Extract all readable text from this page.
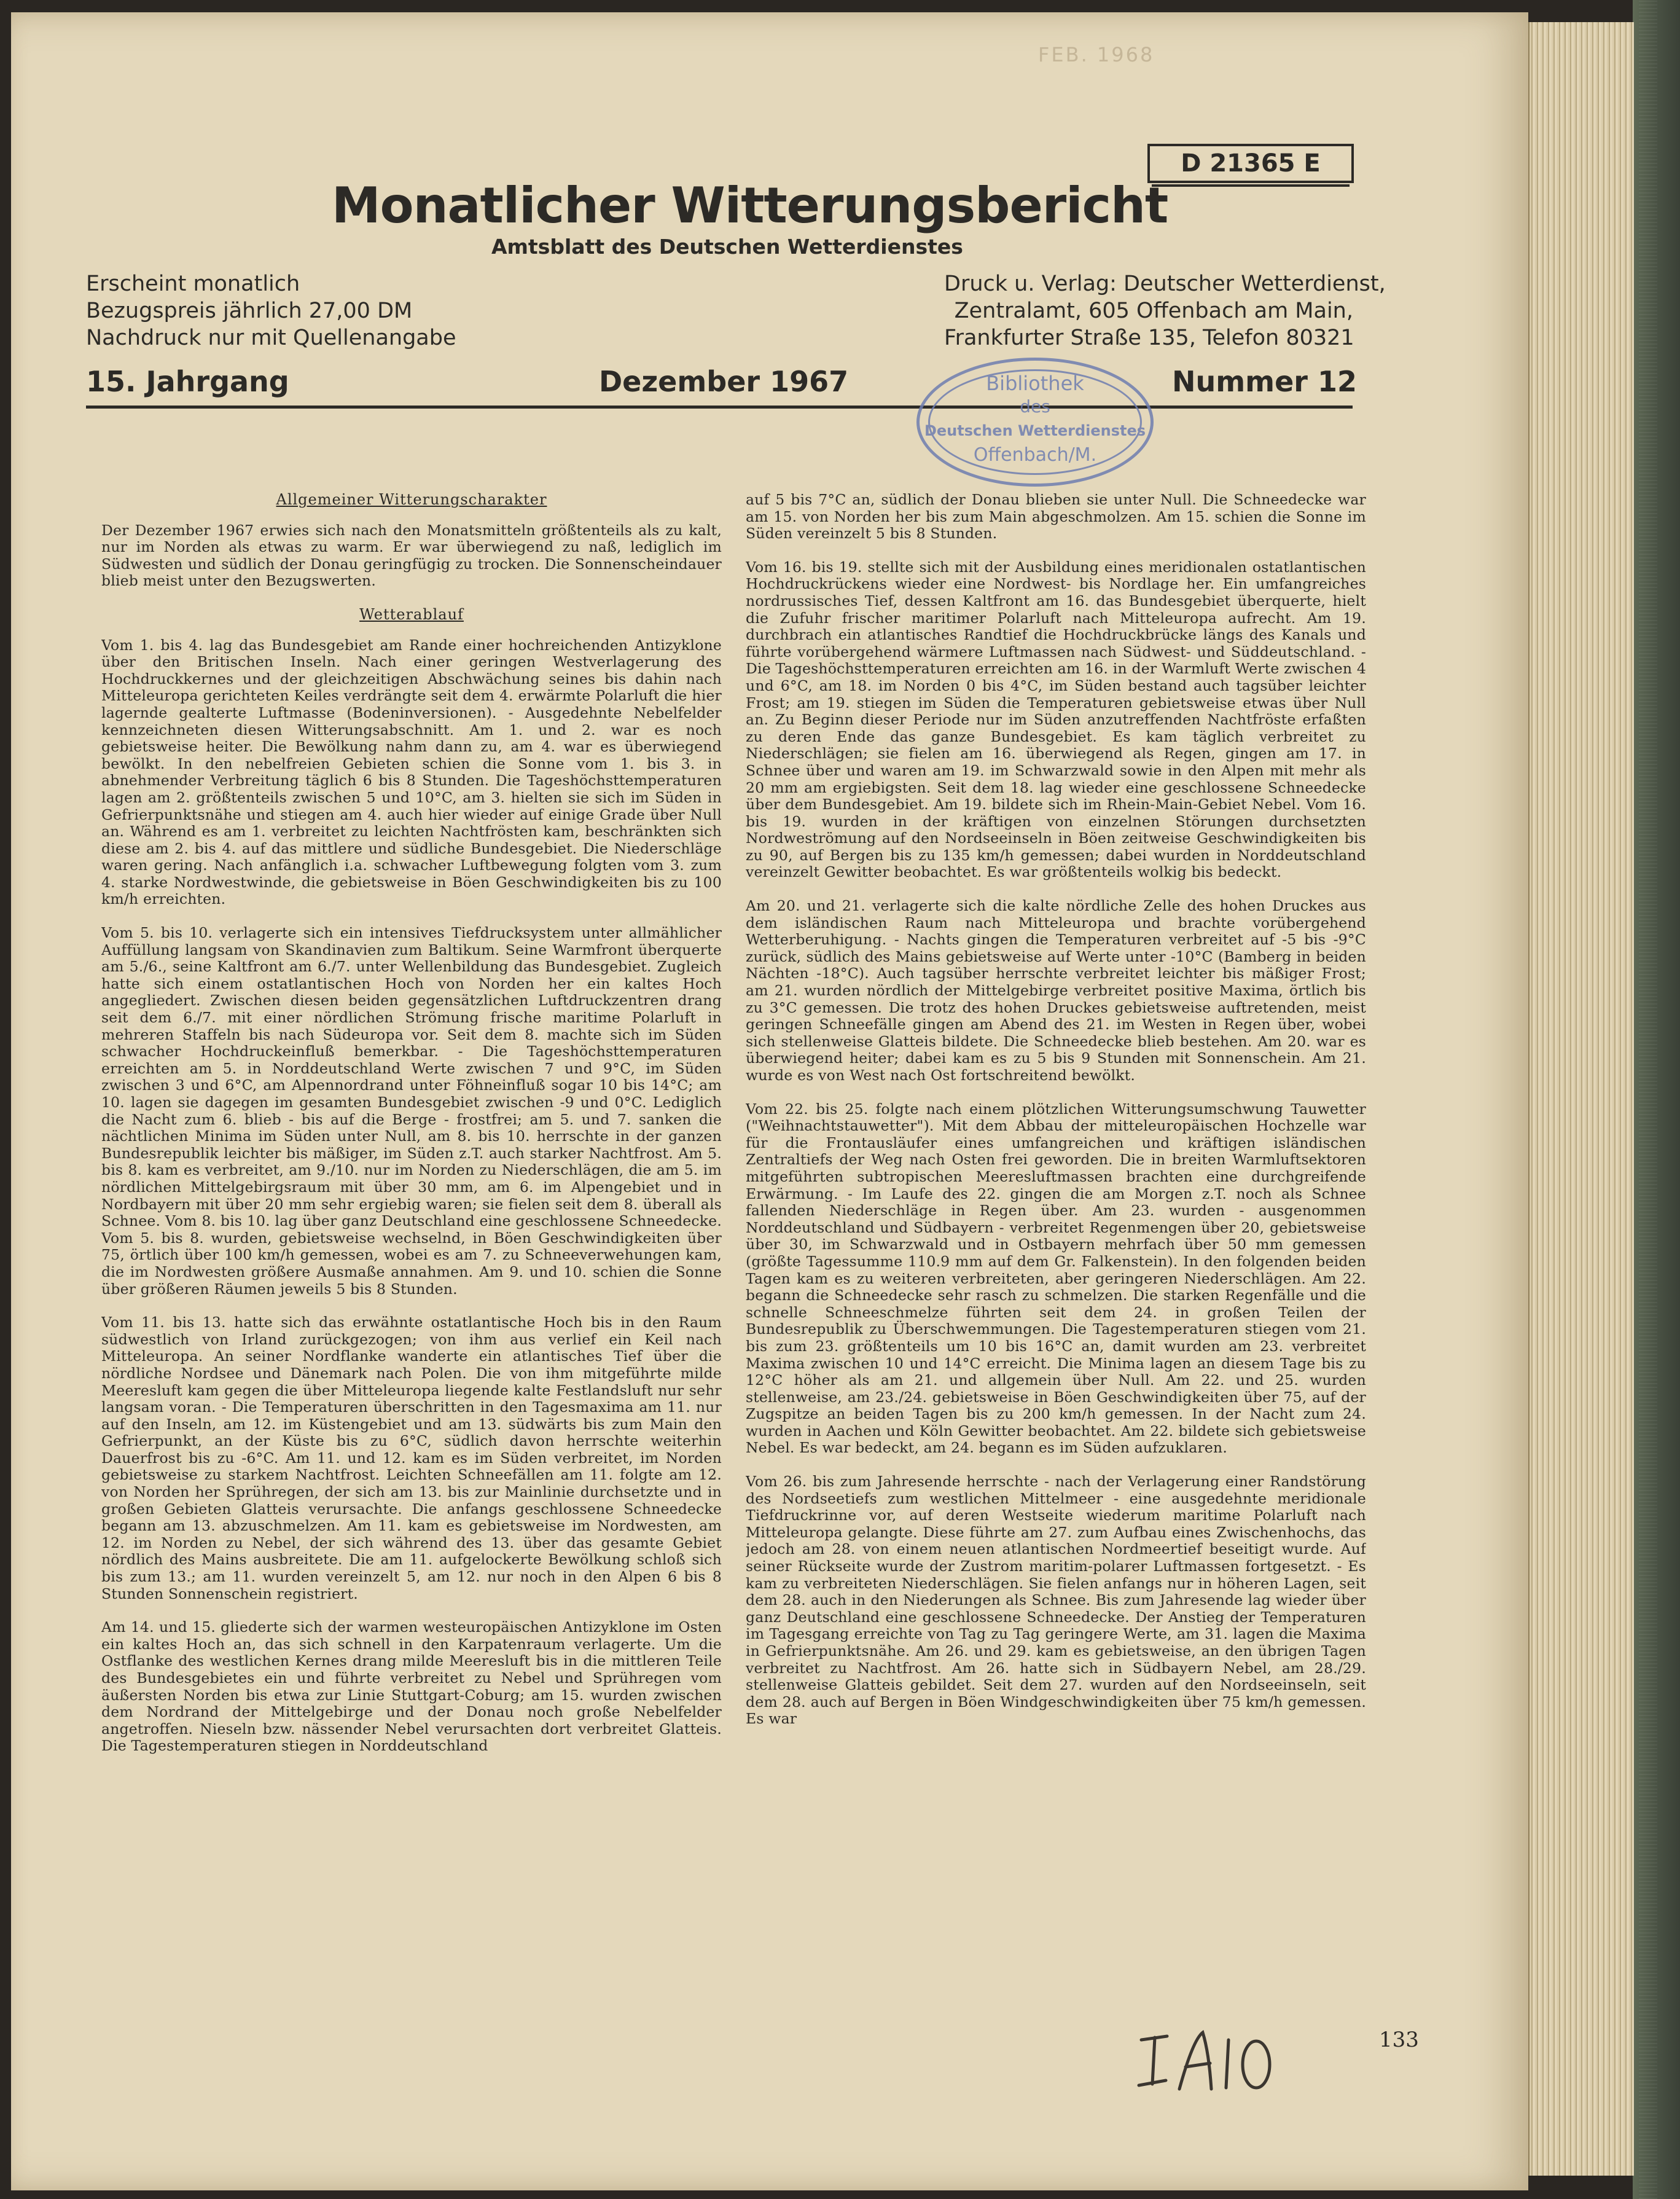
FEB. 1968
D 21365 E
Monatlicher Witterungsbericht
Amtsblatt des Deutschen Wetterdienstes
Erscheint monatlich
Bezugspreis jährlich 27,00 DM
Nachdruck nur mit Quellenangabe
Druck u. Verlag: Deutscher Wetterdienst,
Zentralamt, 605 Offenbach am Main,
Frankfurter Straße 135, Telefon 80321
15. Jahrgang	Dezember 1967	Nummer 12
Bibliothek
des
Deutschen Wetterdienstes
Offenbach/M.
Allgemeiner Witterungscharakter

Der Dezember 1967 erwies sich nach den Monatsmitteln größtenteils als zu kalt, nur im Norden als etwas zu warm. Er war überwiegend zu naß, lediglich im Südwesten und südlich der Donau geringfügig zu trocken. Die Sonnenscheindauer blieb meist unter den Bezugswerten.

Wetterablauf

Vom 1. bis 4. lag das Bundesgebiet am Rande einer hochreichenden Antizyklone über den Britischen Inseln. Nach einer geringen Westverlagerung des Hochdruckkernes und der gleichzeitigen Abschwächung seines bis dahin nach Mitteleuropa gerichteten Keiles verdrängte seit dem 4. erwärmte Polarluft die hier lagernde gealterte Luftmasse (Bodeninversionen). - Ausgedehnte Nebelfelder kennzeichneten diesen Witterungsabschnitt. Am 1. und 2. war es noch gebietsweise heiter. Die Bewölkung nahm dann zu, am 4. war es überwiegend bewölkt. In den nebelfreien Gebieten schien die Sonne vom 1. bis 3. in abnehmender Verbreitung täglich 6 bis 8 Stunden. Die Tageshöchsttemperaturen lagen am 2. größtenteils zwischen 5 und 10°C, am 3. hielten sie sich im Süden in Gefrierpunktsnähe und stiegen am 4. auch hier wieder auf einige Grade über Null an. Während es am 1. verbreitet zu leichten Nachtfrösten kam, beschränkten sich diese am 2. bis 4. auf das mittlere und südliche Bundesgebiet. Die Niederschläge waren gering. Nach anfänglich i.a. schwacher Luftbewegung folgten vom 3. zum 4. starke Nordwestwinde, die gebietsweise in Böen Geschwindigkeiten bis zu 100 km/h erreichten.

Vom 5. bis 10. verlagerte sich ein intensives Tiefdrucksystem unter allmählicher Auffüllung langsam von Skandinavien zum Baltikum. Seine Warmfront überquerte am 5./6., seine Kaltfront am 6./7. unter Wellenbildung das Bundesgebiet. Zugleich hatte sich einem ostatlantischen Hoch von Norden her ein kaltes Hoch angegliedert. Zwischen diesen beiden gegensätzlichen Luftdruckzentren drang seit dem 6./7. mit einer nördlichen Strömung frische maritime Polarluft in mehreren Staffeln bis nach Südeuropa vor. Seit dem 8. machte sich im Süden schwacher Hochdruckeinfluß bemerkbar. - Die Tageshöchsttemperaturen erreichten am 5. in Norddeutschland Werte zwischen 7 und 9°C, im Süden zwischen 3 und 6°C, am Alpennordrand unter Föhneinfluß sogar 10 bis 14°C; am 10. lagen sie dagegen im gesamten Bundesgebiet zwischen -9 und 0°C. Lediglich die Nacht zum 6. blieb - bis auf die Berge - frostfrei; am 5. und 7. sanken die nächtlichen Minima im Süden unter Null, am 8. bis 10. herrschte in der ganzen Bundesrepublik leichter bis mäßiger, im Süden z.T. auch starker Nachtfrost. Am 5. bis 8. kam es verbreitet, am 9./10. nur im Norden zu Niederschlägen, die am 5. im nördlichen Mittelgebirgsraum mit über 30 mm, am 6. im Alpengebiet und in Nordbayern mit über 20 mm sehr ergiebig waren; sie fielen seit dem 8. überall als Schnee. Vom 8. bis 10. lag über ganz Deutschland eine geschlossene Schneedecke. Vom 5. bis 8. wurden, gebietsweise wechselnd, in Böen Geschwindigkeiten über 75, örtlich über 100 km/h gemessen, wobei es am 7. zu Schneeverwehungen kam, die im Nordwesten größere Ausmaße annahmen. Am 9. und 10. schien die Sonne über größeren Räumen jeweils 5 bis 8 Stunden.

Vom 11. bis 13. hatte sich das erwähnte ostatlantische Hoch bis in den Raum südwestlich von Irland zurückgezogen; von ihm aus verlief ein Keil nach Mitteleuropa. An seiner Nordflanke wanderte ein atlantisches Tief über die nördliche Nordsee und Dänemark nach Polen. Die von ihm mitgeführte milde Meeresluft kam gegen die über Mitteleuropa liegende kalte Festlandsluft nur sehr langsam voran. - Die Temperaturen überschritten in den Tagesmaxima am 11. nur auf den Inseln, am 12. im Küstengebiet und am 13. südwärts bis zum Main den Gefrierpunkt, an der Küste bis zu 6°C, südlich davon herrschte weiterhin Dauerfrost bis zu -6°C. Am 11. und 12. kam es im Süden verbreitet, im Norden gebietsweise zu starkem Nachtfrost. Leichten Schneefällen am 11. folgte am 12. von Norden her Sprühregen, der sich am 13. bis zur Mainlinie durchsetzte und in großen Gebieten Glatteis verursachte. Die anfangs geschlossene Schneedecke begann am 13. abzuschmelzen. Am 11. kam es gebietsweise im Nordwesten, am 12. im Norden zu Nebel, der sich während des 13. über das gesamte Gebiet nördlich des Mains ausbreitete. Die am 11. aufgelockerte Bewölkung schloß sich bis zum 13.; am 11. wurden vereinzelt 5, am 12. nur noch in den Alpen 6 bis 8 Stunden Sonnenschein registriert.

Am 14. und 15. gliederte sich der warmen westeuropäischen Antizyklone im Osten ein kaltes Hoch an, das sich schnell in den Karpatenraum verlagerte. Um die Ostflanke des westlichen Kernes drang milde Meeresluft bis in die mittleren Teile des Bundesgebietes ein und führte verbreitet zu Nebel und Sprühregen vom äußersten Norden bis etwa zur Linie Stuttgart-Coburg; am 15. wurden zwischen dem Nordrand der Mittelgebirge und der Donau noch große Nebelfelder angetroffen. Nieseln bzw. nässender Nebel verursachten dort verbreitet Glatteis. Die Tagestemperaturen stiegen in Norddeutschland

auf 5 bis 7°C an, südlich der Donau blieben sie unter Null. Die Schneedecke war am 15. von Norden her bis zum Main abgeschmolzen. Am 15. schien die Sonne im Süden vereinzelt 5 bis 8 Stunden.

Vom 16. bis 19. stellte sich mit der Ausbildung eines meridionalen ostatlantischen Hochdruckrückens wieder eine Nordwest- bis Nordlage her. Ein umfangreiches nordrussisches Tief, dessen Kaltfront am 16. das Bundesgebiet überquerte, hielt die Zufuhr frischer maritimer Polarluft nach Mitteleuropa aufrecht. Am 19. durchbrach ein atlantisches Randtief die Hochdruckbrücke längs des Kanals und führte vorübergehend wärmere Luftmassen nach Südwest- und Süddeutschland. - Die Tageshöchsttemperaturen erreichten am 16. in der Warmluft Werte zwischen 4 und 6°C, am 18. im Norden 0 bis 4°C, im Süden bestand auch tagsüber leichter Frost; am 19. stiegen im Süden die Temperaturen gebietsweise etwas über Null an. Zu Beginn dieser Periode nur im Süden anzutreffenden Nachtfröste erfaßten zu deren Ende das ganze Bundesgebiet. Es kam täglich verbreitet zu Niederschlägen; sie fielen am 16. überwiegend als Regen, gingen am 17. in Schnee über und waren am 19. im Schwarzwald sowie in den Alpen mit mehr als 20 mm am ergiebigsten. Seit dem 18. lag wieder eine geschlossene Schneedecke über dem Bundesgebiet. Am 19. bildete sich im Rhein-Main-Gebiet Nebel. Vom 16. bis 19. wurden in der kräftigen von einzelnen Störungen durchsetzten Nordweströmung auf den Nordseeinseln in Böen zeitweise Geschwindigkeiten bis zu 90, auf Bergen bis zu 135 km/h gemessen; dabei wurden in Norddeutschland vereinzelt Gewitter beobachtet. Es war größtenteils wolkig bis bedeckt.

Am 20. und 21. verlagerte sich die kalte nördliche Zelle des hohen Druckes aus dem isländischen Raum nach Mitteleuropa und brachte vorübergehend Wetterberuhigung. - Nachts gingen die Temperaturen verbreitet auf -5 bis -9°C zurück, südlich des Mains gebietsweise auf Werte unter -10°C (Bamberg in beiden Nächten -18°C). Auch tagsüber herrschte verbreitet leichter bis mäßiger Frost; am 21. wurden nördlich der Mittelgebirge verbreitet positive Maxima, örtlich bis zu 3°C gemessen. Die trotz des hohen Druckes gebietsweise auftretenden, meist geringen Schneefälle gingen am Abend des 21. im Westen in Regen über, wobei sich stellenweise Glatteis bildete. Die Schneedecke blieb bestehen. Am 20. war es überwiegend heiter; dabei kam es zu 5 bis 9 Stunden mit Sonnenschein. Am 21. wurde es von West nach Ost fortschreitend bewölkt.

Vom 22. bis 25. folgte nach einem plötzlichen Witterungsumschwung Tauwetter ("Weihnachtstauwetter"). Mit dem Abbau der mitteleuropäischen Hochzelle war für die Frontausläufer eines umfangreichen und kräftigen isländischen Zentraltiefs der Weg nach Osten frei geworden. Die in breiten Warmluftsektoren mitgeführten subtropischen Meeresluftmassen brachten eine durchgreifende Erwärmung. - Im Laufe des 22. gingen die am Morgen z.T. noch als Schnee fallenden Niederschläge in Regen über. Am 23. wurden - ausgenommen Norddeutschland und Südbayern - verbreitet Regenmengen über 20, gebietsweise über 30, im Schwarzwald und in Ostbayern mehrfach über 50 mm gemessen (größte Tagessumme 110.9 mm auf dem Gr. Falkenstein). In den folgenden beiden Tagen kam es zu weiteren verbreiteten, aber geringeren Niederschlägen. Am 22. begann die Schneedecke sehr rasch zu schmelzen. Die starken Regenfälle und die schnelle Schneeschmelze führten seit dem 24. in großen Teilen der Bundesrepublik zu Überschwemmungen. Die Tagestemperaturen stiegen vom 21. bis zum 23. größtenteils um 10 bis 16°C an, damit wurden am 23. verbreitet Maxima zwischen 10 und 14°C erreicht. Die Minima lagen an diesem Tage bis zu 12°C höher als am 21. und allgemein über Null. Am 22. und 25. wurden stellenweise, am 23./24. gebietsweise in Böen Geschwindigkeiten über 75, auf der Zugspitze an beiden Tagen bis zu 200 km/h gemessen. In der Nacht zum 24. wurden in Aachen und Köln Gewitter beobachtet. Am 22. bildete sich gebietsweise Nebel. Es war bedeckt, am 24. begann es im Süden aufzuklaren.

Vom 26. bis zum Jahresende herrschte - nach der Verlagerung einer Randstörung des Nordseetiefs zum westlichen Mittelmeer - eine ausgedehnte meridionale Tiefdruckrinne vor, auf deren Westseite wiederum maritime Polarluft nach Mitteleuropa gelangte. Diese führte am 27. zum Aufbau eines Zwischenhochs, das jedoch am 28. von einem neuen atlantischen Nordmeertief beseitigt wurde. Auf seiner Rückseite wurde der Zustrom maritim-polarer Luftmassen fortgesetzt. - Es kam zu verbreiteten Niederschlägen. Sie fielen anfangs nur in höheren Lagen, seit dem 28. auch in den Niederungen als Schnee. Bis zum Jahresende lag wieder über ganz Deutschland eine geschlossene Schneedecke. Der Anstieg der Temperaturen im Tagesgang erreichte von Tag zu Tag geringere Werte, am 31. lagen die Maxima in Gefrierpunktsnähe. Am 26. und 29. kam es gebietsweise, an den übrigen Tagen verbreitet zu Nachtfrost. Am 26. hatte sich in Südbayern Nebel, am 28./29. stellenweise Glatteis gebildet. Seit dem 27. wurden auf den Nordseeinseln, seit dem 28. auch auf Bergen in Böen Windgeschwindigkeiten über 75 km/h gemessen. Es war

133
